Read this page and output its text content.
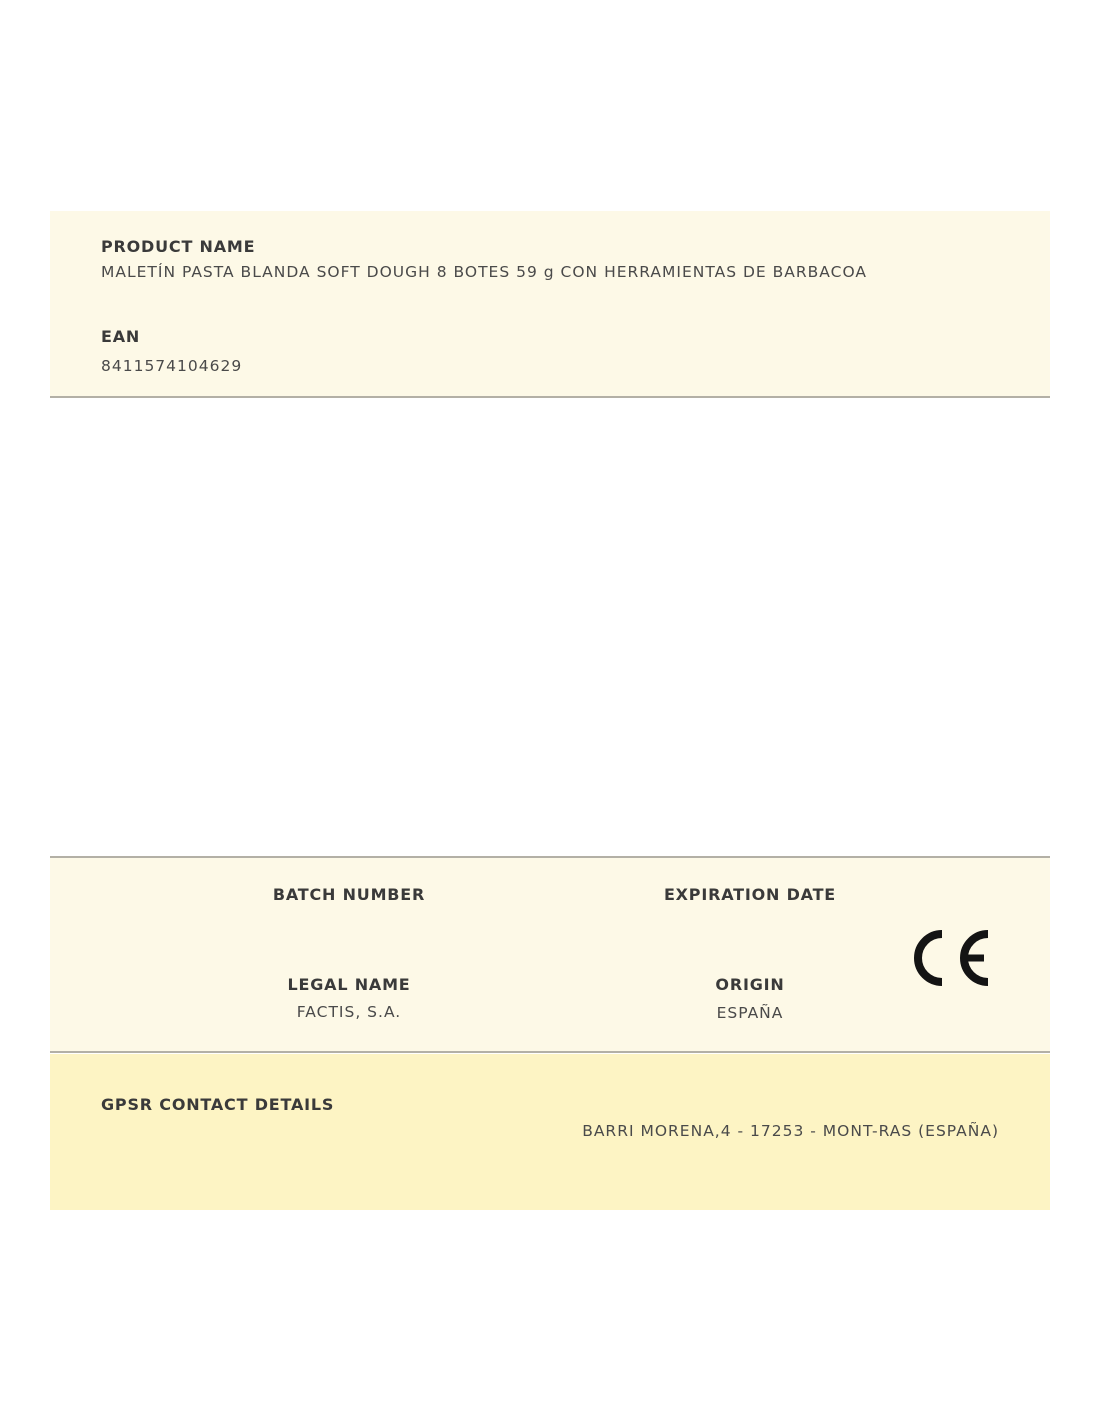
PRODUCT NAME
MALETÍN PASTA BLANDA SOFT DOUGH 8 BOTES 59 g CON HERRAMIENTAS DE BARBACOA
EAN
8411574104629
BATCH NUMBER	EXPIRATION DATE
LEGAL NAME
FACTIS, S.A.
ORIGIN
ESPAÑA
GPSR CONTACT DETAILS
BARRI MORENA,4 - 17253 - MONT-RAS (ESPAÑA)
